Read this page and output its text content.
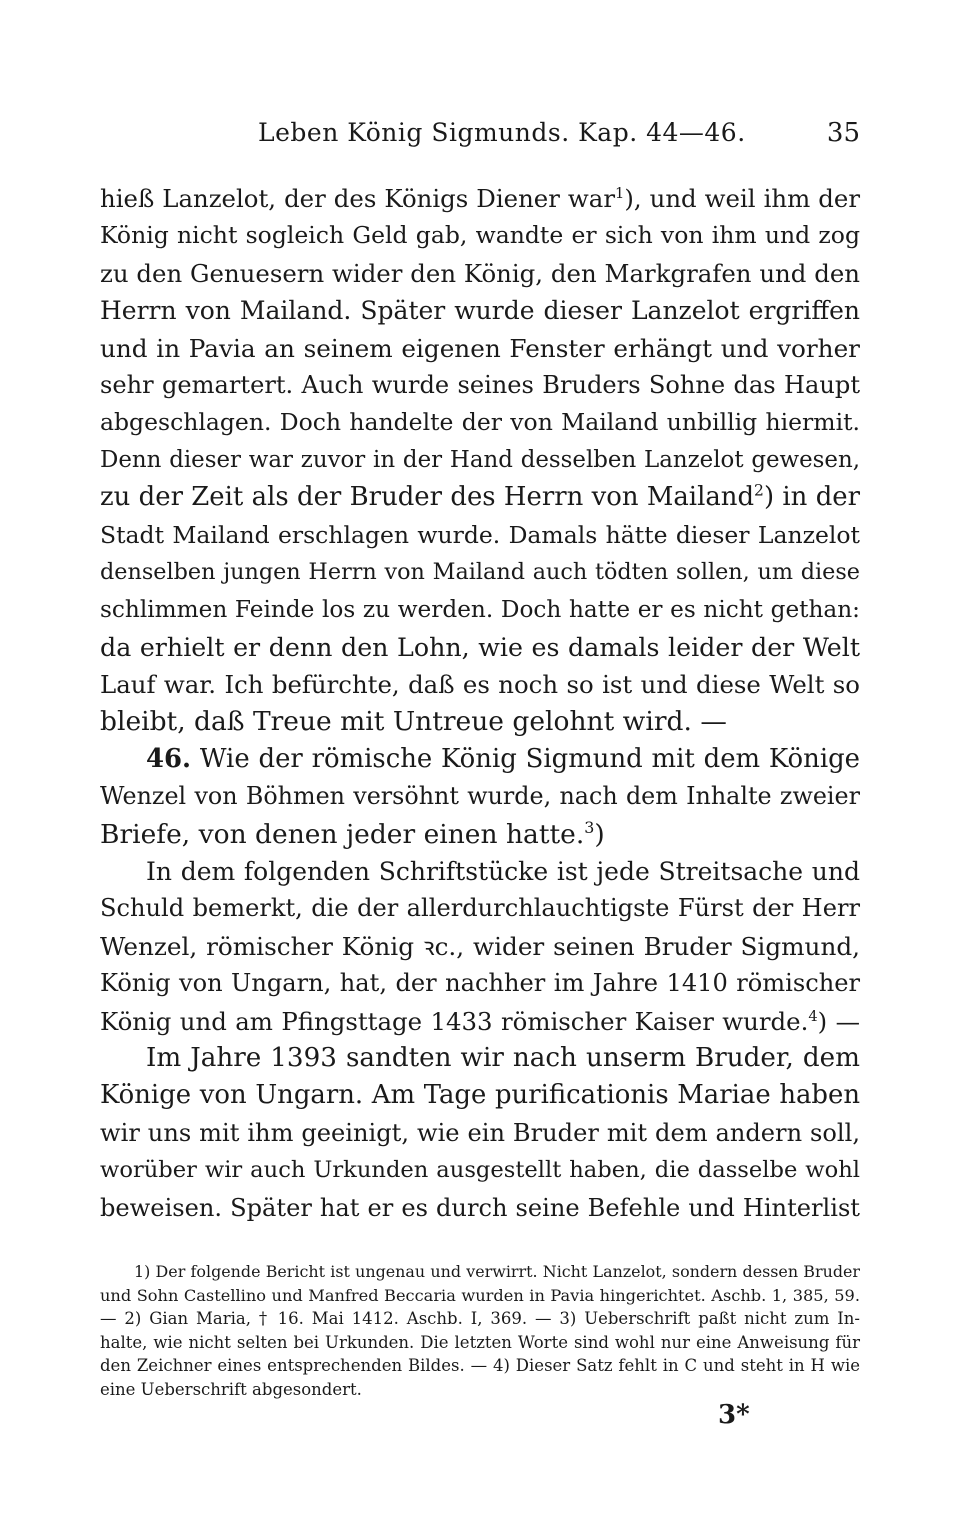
Leben König Sigmunds. Kap. 44—46.	35
hieß Lanzelot, der des Königs Diener war$^1$), und weil ihm der
König nicht sogleich Geld gab, wandte er sich von ihm und zog
zu den Genuesern wider den König, den Markgrafen und den
Herrn von Mailand. Später wurde dieser Lanzelot ergriffen
und in Pavia an seinem eigenen Fenster erhängt und vorher
sehr gemartert. Auch wurde seines Bruders Sohne das Haupt
abgeschlagen. Doch handelte der von Mailand unbillig hiermit.
Denn dieser war zuvor in der Hand desselben Lanzelot gewesen,
zu der Zeit als der Bruder des Herrn von Mailand$^2$) in der
Stadt Mailand erschlagen wurde. Damals hätte dieser Lanzelot
denselben jungen Herrn von Mailand auch tödten sollen, um diese
schlimmen Feinde los zu werden. Doch hatte er es nicht gethan:
da erhielt er denn den Lohn, wie es damals leider der Welt
Lauf war. Ich befürchte, daß es noch so ist und diese Welt so
bleibt, daß Treue mit Untreue gelohnt wird. —
46. Wie der römische König Sigmund mit dem Könige
Wenzel von Böhmen versöhnt wurde, nach dem Inhalte zweier
Briefe, von denen jeder einen hatte.$^3$)
In dem folgenden Schriftstücke ist jede Streitsache und
Schuld bemerkt, die der allerdurchlauchtigste Fürst der Herr
Wenzel, römischer König ꝛc., wider seinen Bruder Sigmund,
König von Ungarn, hat, der nachher im Jahre 1410 römischer
König und am Pfingsttage 1433 römischer Kaiser wurde.$^4$) —
Im Jahre 1393 sandten wir nach unserm Bruder, dem
Könige von Ungarn. Am Tage purificationis Mariae haben
wir uns mit ihm geeinigt, wie ein Bruder mit dem andern soll,
worüber wir auch Urkunden ausgestellt haben, die dasselbe wohl
beweisen. Später hat er es durch seine Befehle und Hinterlist
1) Der folgende Bericht ist ungenau und verwirrt. Nicht Lanzelot, sondern dessen Bruder
und Sohn Castellino und Manfred Beccaria wurden in Pavia hingerichtet. Aschb. 1, 385, 59.
— 2) Gian Maria, † 16. Mai 1412. Aschb. I, 369. — 3) Ueberschrift paßt nicht zum In-
halte, wie nicht selten bei Urkunden. Die letzten Worte sind wohl nur eine Anweisung für
den Zeichner eines entsprechenden Bildes. — 4) Dieser Satz fehlt in C und steht in H wie
eine Ueberschrift abgesondert.
3*
